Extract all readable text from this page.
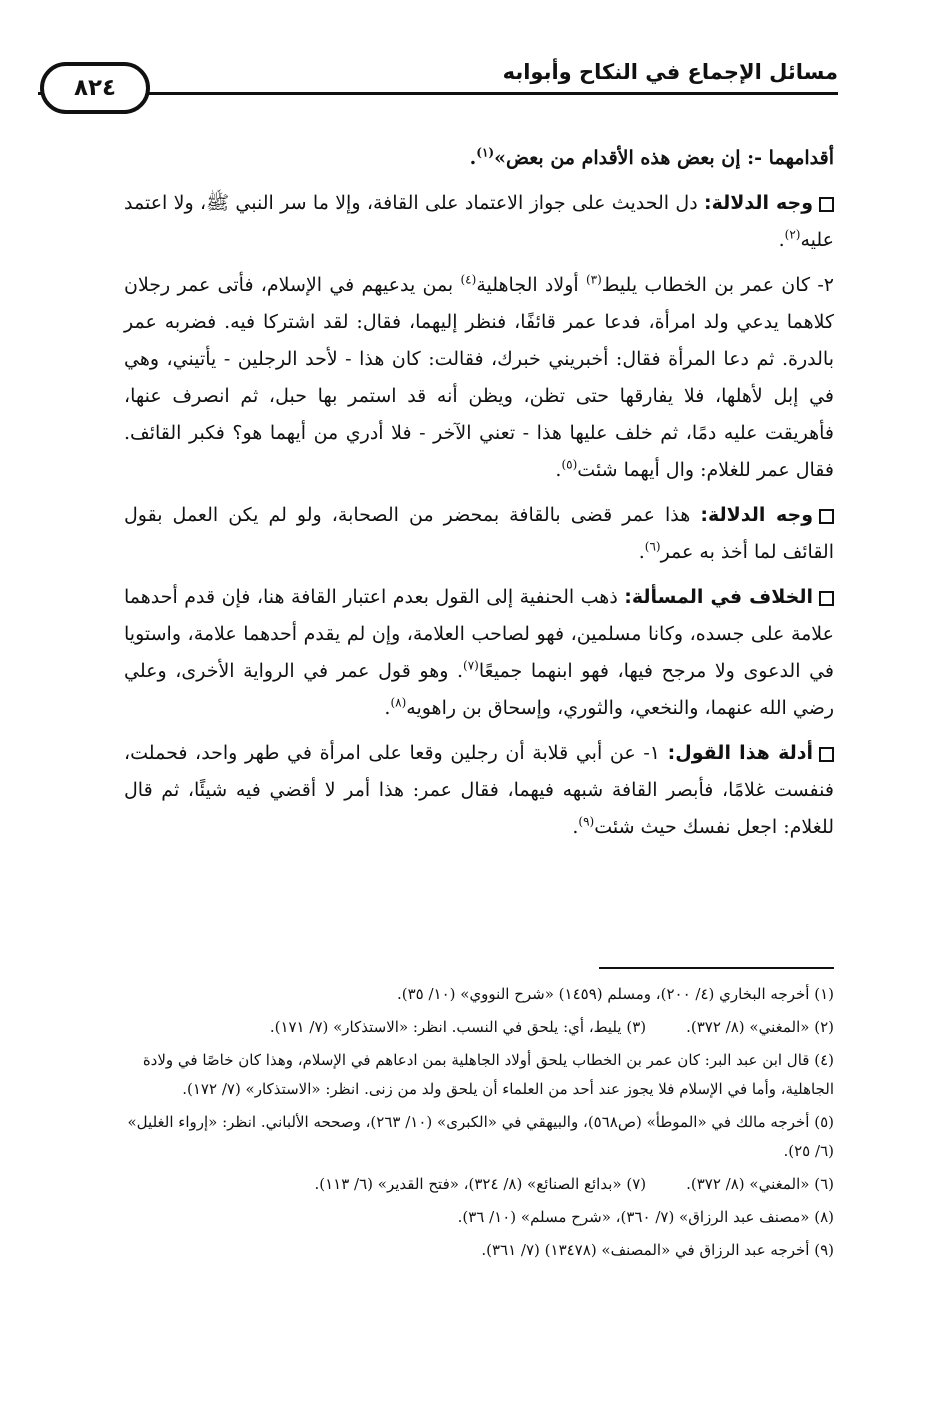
مسائل الإجماع في النكاح وأبوابه
٨٢٤

أقدامهما -: إن بعض هذه الأقدام من بعض»$^{(١)}$.

وجه الدلالة: دل الحديث على جواز الاعتماد على القافة، وإلا ما سر النبي ﷺ، ولا اعتمد عليه$^{(٢)}$.

٢- كان عمر بن الخطاب يليط$^{(٣)}$ أولاد الجاهلية$^{(٤)}$ بمن يدعيهم في الإسلام، فأتى عمر رجلان كلاهما يدعي ولد امرأة، فدعا عمر قائفًا، فنظر إليهما، فقال: لقد اشتركا فيه. فضربه عمر بالدرة. ثم دعا المرأة فقال: أخبريني خبرك، فقالت: كان هذا - لأحد الرجلين - يأتيني، وهي في إبل لأهلها، فلا يفارقها حتى تظن، ويظن أنه قد استمر بها حبل، ثم انصرف عنها، فأهريقت عليه دمًا، ثم خلف عليها هذا - تعني الآخر - فلا أدري من أيهما هو؟ فكبر القائف. فقال عمر للغلام: وال أيهما شئت$^{(٥)}$.

وجه الدلالة: هذا عمر قضى بالقافة بمحضر من الصحابة، ولو لم يكن العمل بقول القائف لما أخذ به عمر$^{(٦)}$.

الخلاف في المسألة: ذهب الحنفية إلى القول بعدم اعتبار القافة هنا، فإن قدم أحدهما علامة على جسده، وكانا مسلمين، فهو لصاحب العلامة، وإن لم يقدم أحدهما علامة، واستويا في الدعوى ولا مرجح فيها، فهو ابنهما جميعًا$^{(٧)}$. وهو قول عمر في الرواية الأخرى، وعلي رضي الله عنهما، والنخعي، والثوري، وإسحاق بن راهويه$^{(٨)}$.

أدلة هذا القول: ١- عن أبي قلابة أن رجلين وقعا على امرأة في طهر واحد، فحملت، فنفست غلامًا، فأبصر القافة شبهه فيهما، فقال عمر: هذا أمر لا أقضي فيه شيئًا، ثم قال للغلام: اجعل نفسك حيث شئت$^{(٩)}$.

(١) أخرجه البخاري (٤/ ٢٠٠)، ومسلم (١٤٥٩) «شرح النووي» (١٠/ ٣٥).

(٢) «المغني» (٨/ ٣٧٢).

(٣) يليط، أي: يلحق في النسب. انظر: «الاستذكار» (٧/ ١٧١).

(٤) قال ابن عبد البر: كان عمر بن الخطاب يلحق أولاد الجاهلية بمن ادعاهم في الإسلام، وهذا كان خاصًا في ولادة الجاهلية، وأما في الإسلام فلا يجوز عند أحد من العلماء أن يلحق ولد من زنى. انظر: «الاستذكار» (٧/ ١٧٢).

(٥) أخرجه مالك في «الموطأ» (ص٥٦٨)، والبيهقي في «الكبرى» (١٠/ ٢٦٣)، وصححه الألباني. انظر: «إرواء الغليل» (٦/ ٢٥).

(٦) «المغني» (٨/ ٣٧٢).

(٧) «بدائع الصنائع» (٨/ ٣٢٤)، «فتح القدير» (٦/ ١١٣).

(٨) «مصنف عبد الرزاق» (٧/ ٣٦٠)، «شرح مسلم» (١٠/ ٣٦).

(٩) أخرجه عبد الرزاق في «المصنف» (١٣٤٧٨) (٧/ ٣٦١).
